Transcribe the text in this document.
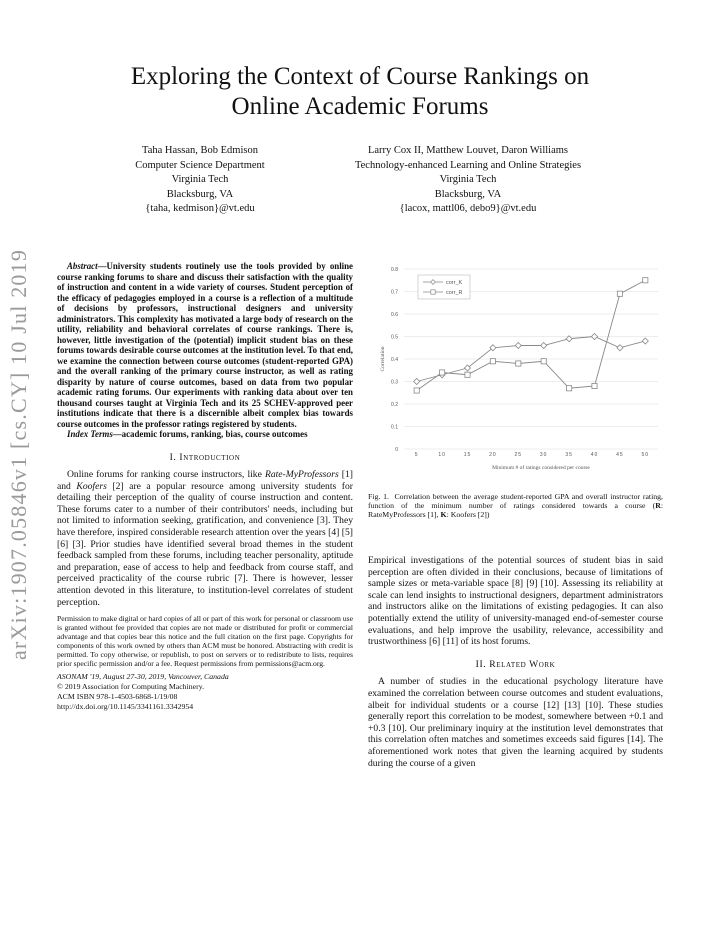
Exploring the Context of Course Rankings on
Online Academic Forums
Taha Hassan, Bob Edmison
Computer Science Department
Virginia Tech
Blacksburg, VA
{taha, kedmison}@vt.edu
Larry Cox II, Matthew Louvet, Daron Williams
Technology-enhanced Learning and Online Strategies
Virginia Tech
Blacksburg, VA
{lacox, mattl06, debo9}@vt.edu
arXiv:1907.05846v1 [cs.CY] 10 Jul 2019	Abstract—University students routinely use the tools provided by online course ranking forums to share and discuss their satisfaction with the quality of instruction and content in a wide variety of courses. Student perception of the efficacy of pedagogies employed in a course is a reflection of a multitude of decisions by professors, instructional designers and university administrators. This complexity has motivated a large body of research on the utility, reliability and behavioral correlates of course rankings. There is, however, little investigation of the (potential) implicit student bias on these forums towards desirable course outcomes at the institution level. To that end, we examine the connection between course outcomes (student-reported GPA) and the overall ranking of the primary course instructor, as well as rating disparity by nature of course outcomes, based on data from two popular academic rating forums. Our experiments with ranking data about over ten thousand courses taught at Virginia Tech and its 25 SCHEV-approved peer institutions indicate that there is a discernible albeit complex bias towards course outcomes in the professor ratings registered by students.

Index Terms—academic forums, ranking, bias, course outcomes

I. Introduction

Online forums for ranking course instructors, like Rate-MyProfessors [1] and Koofers [2] are a popular resource among university students for detailing their perception of the quality of course instruction and content. These forums cater to a number of their contributors' needs, including but not limited to information seeking, gratification, and convenience [3]. They have therefore, inspired considerable research attention over the years [4] [5] [6] [3]. Prior studies have identified several broad themes in the student feedback sampled from these forums, including teacher personality, aptitude and preparation, ease of access to help and feedback from course staff, and perceived practicality of the course rubric [7]. There is however, lesser attention devoted in this literature, to institution-level correlates of student perception.

Permission to make digital or hard copies of all or part of this work for personal or classroom use is granted without fee provided that copies are not made or distributed for profit or commercial advantage and that copies bear this notice and the full citation on the first page. Copyrights for components of this work owned by others than ACM must be honored. Abstracting with credit is permitted. To copy otherwise, or republish, to post on servers or to redistribute to lists, requires prior specific permission and/or a fee. Request permissions from permissions@acm.org.

ASONAM '19, August 27-30, 2019, Vancouver, Canada

© 2019 Association for Computing Machinery.

ACM ISBN 978-1-4503-6868-1/19/08

http://dx.doi.org/10.1145/3341161.3342954

0
0.1
0.2
0.3
0.4
0.5
0.6
0.7
0.8
5	10	15	20	25	30	35	40	45	50
Minimum # of ratings considered per course
Correlation
corr_K
corr_R
Fig. 1. Correlation between the average student-reported GPA and overall instructor rating, function of the minimum number of ratings considered towards a course (R: RateMyProfessors [1], K: Koofers [2])

Empirical investigations of the potential sources of student bias in said perception are often divided in their conclusions, because of limitations of sample sizes or meta-variable space [8] [9] [10]. Assessing its reliability at scale can lend insights to instructional designers, department administrators and instructors alike on the limitations of existing pedagogies. It can also potentially extend the utility of university-managed end-of-semester course evaluations, and help improve the usability, relevance, accessibility and trustworthiness [6] [11] of its host forums.

II. Related Work

A number of studies in the educational psychology literature have examined the correlation between course outcomes and student evaluations, albeit for individual students or a course [12] [13] [10]. These studies generally report this correlation to be modest, somewhere between +0.1 and +0.3 [10]. Our preliminary inquiry at the institution level demonstrates that this correlation often matches and sometimes exceeds said figures [14]. The aforementioned work notes that given the learning acquired by students during the course of a given
